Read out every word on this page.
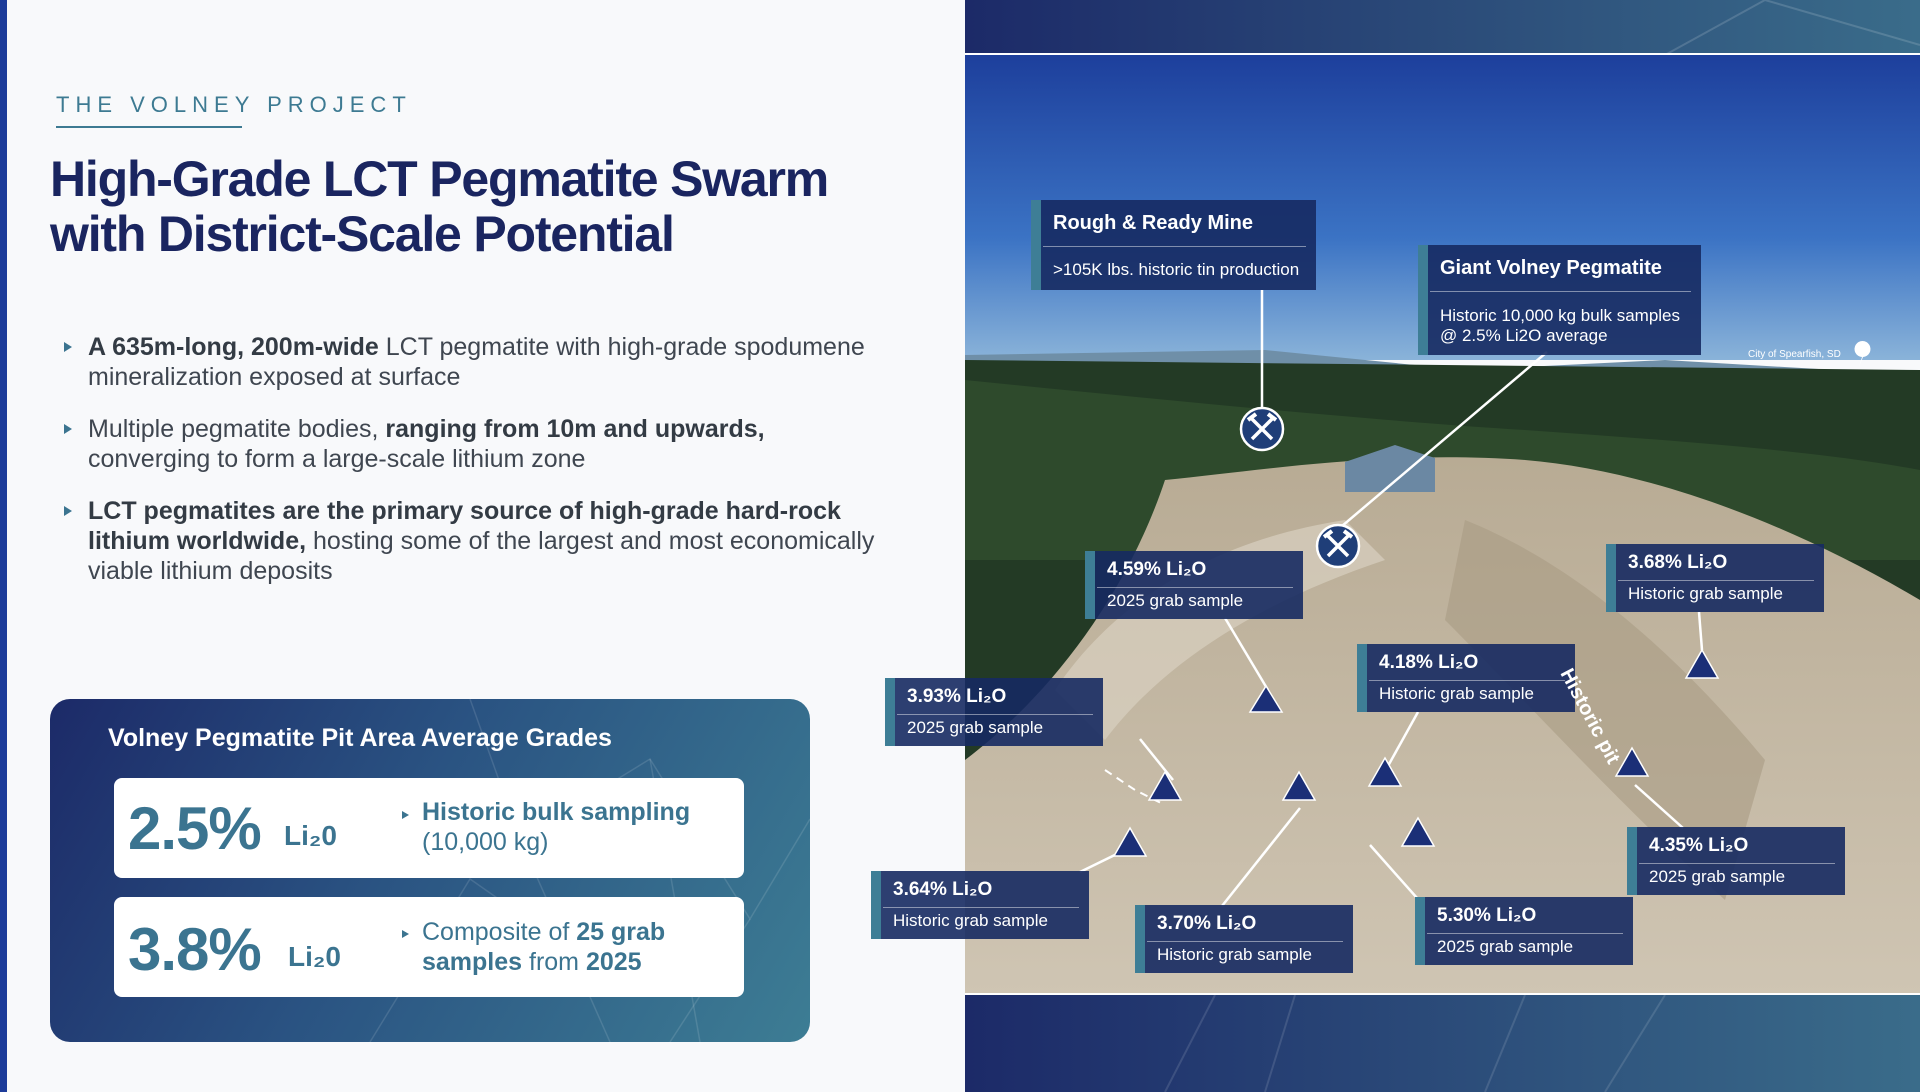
THE VOLNEY PROJECT
High-Grade LCT Pegmatite Swarm with District-Scale Potential
A 635m-long, 200m-wide LCT pegmatite with high-grade spodumene mineralization exposed at surface
Multiple pegmatite bodies, ranging from 10m and upwards, converging to form a large-scale lithium zone
LCT pegmatites are the primary source of high-grade hard-rock lithium worldwide, hosting some of the largest and most economically viable lithium deposits
Volney Pegmatite Pit Area Average Grades
2.5% Li₂0
Historic bulk sampling
(10,000 kg)
3.8% Li₂0
Composite of 25 grab samples from 2025
Rough & Ready Mine
>105K lbs. historic tin production	Giant Volney Pegmatite
Historic 10,000 kg bulk samples @ 2.5% Li2O average
4.59% Li₂O
2025 grab sample
3.68% Li₂O
Historic grab sample
4.18% Li₂O
Historic grab sample
3.93% Li₂O
2025 grab sample
3.64% Li₂O
Historic grab sample	3.70% Li₂O
Historic grab sample
5.30% Li₂O
2025 grab sample
4.35% Li₂O
2025 grab sample
Historic pit
City of Spearfish, SD
